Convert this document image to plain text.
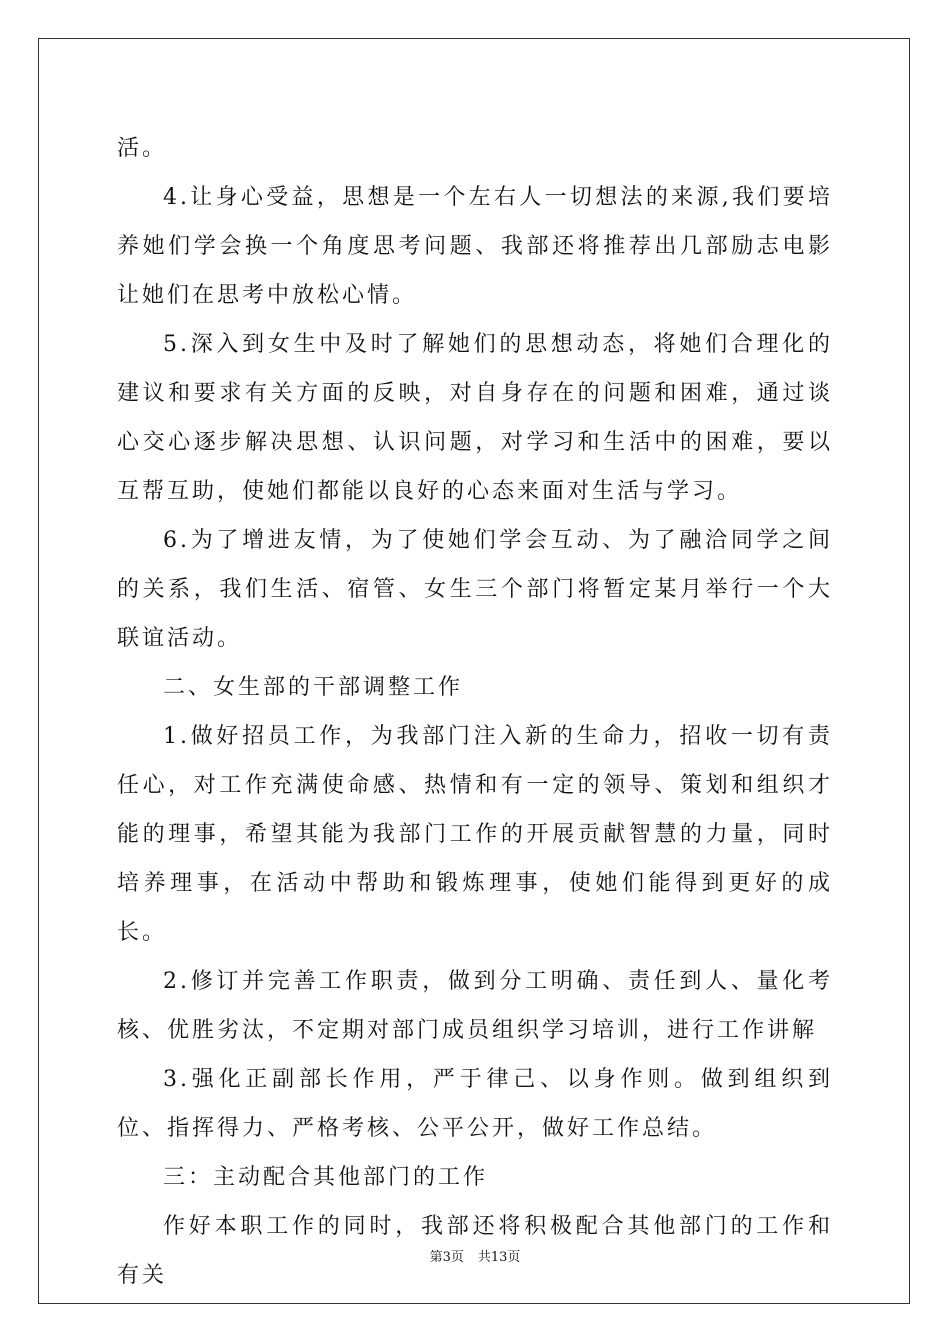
活。

4.让身心受益，思想是一个左右人一切想法的来源,我们要培养她们学会换一个角度思考问题、我部还将推荐出几部励志电影让她们在思考中放松心情。

5.深入到女生中及时了解她们的思想动态，将她们合理化的建议和要求有关方面的反映，对自身存在的问题和困难，通过谈心交心逐步解决思想、认识问题，对学习和生活中的困难，要以互帮互助，使她们都能以良好的心态来面对生活与学习。

6.为了增进友情，为了使她们学会互动、为了融洽同学之间的关系，我们生活、宿管、女生三个部门将暂定某月举行一个大联谊活动。

二、女生部的干部调整工作

1.做好招员工作，为我部门注入新的生命力，招收一切有责任心，对工作充满使命感、热情和有一定的领导、策划和组织才能的理事，希望其能为我部门工作的开展贡献智慧的力量，同时培养理事，在活动中帮助和锻炼理事，使她们能得到更好的成长。

2.修订并完善工作职责，做到分工明确、责任到人、量化考核、优胜劣汰，不定期对部门成员组织学习培训，进行工作讲解

3.强化正副部长作用，严于律己、以身作则。做到组织到位、指挥得力、严格考核、公平公开，做好工作总结。

三：主动配合其他部门的工作

作好本职工作的同时，我部还将积极配合其他部门的工作和有关

第3页 共13页
